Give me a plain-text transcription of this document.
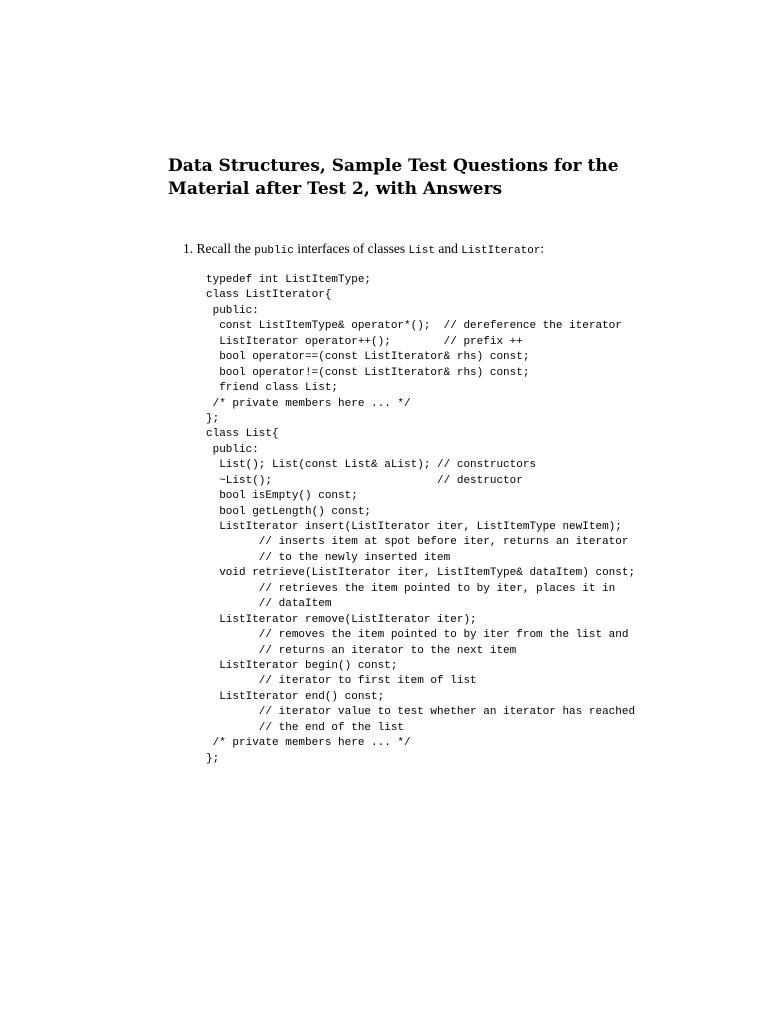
Data Structures, Sample Test Questions for the
Material after Test 2, with Answers
1. Recall the public interfaces of classes List and ListIterator:
typedef int ListItemType;
class ListIterator{
public:
const ListItemType& operator*();  // dereference the iterator
ListIterator operator++();        // prefix ++
bool operator==(const ListIterator& rhs) const;
bool operator!=(const ListIterator& rhs) const;
friend class List;
/* private members here ... */
};
class List{
public:
List(); List(const List& aList); // constructors
~List();                         // destructor
bool isEmpty() const;
bool getLength() const;
ListIterator insert(ListIterator iter, ListItemType newItem);
// inserts item at spot before iter, returns an iterator
// to the newly inserted item
void retrieve(ListIterator iter, ListItemType& dataItem) const;
// retrieves the item pointed to by iter, places it in
// dataItem
ListIterator remove(ListIterator iter);
// removes the item pointed to by iter from the list and
// returns an iterator to the next item
ListIterator begin() const;
// iterator to first item of list
ListIterator end() const;
// iterator value to test whether an iterator has reached
// the end of the list
/* private members here ... */
};
